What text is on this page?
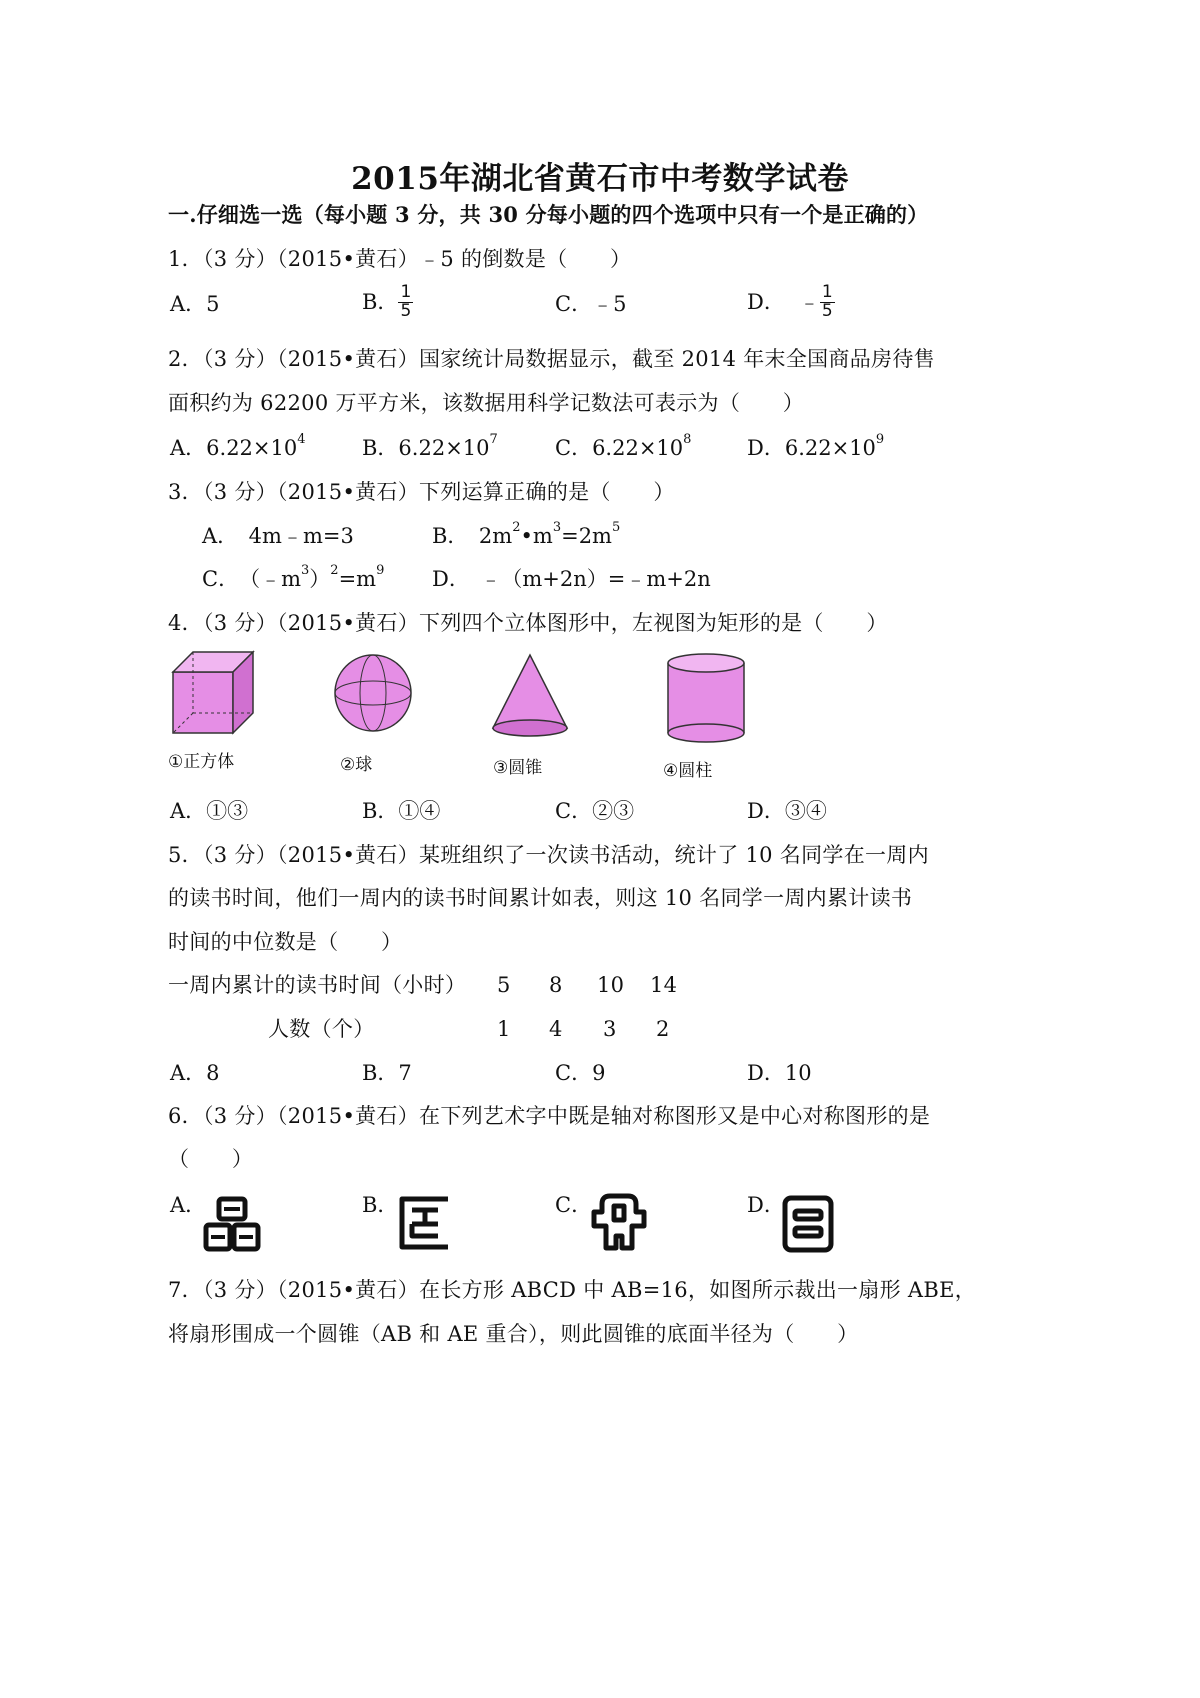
2015年湖北省黄石市中考数学试卷
一.仔细选一选（每小题 3 分，共 30 分每小题的四个选项中只有一个是正确的）
1．（3 分）（2015•黄石）﹣5 的倒数是（　　）
A．5	B． $\frac{1}{5}$	C．﹣5	D． ﹣ $\frac{1}{5}$
2．（3 分）（2015•黄石）国家统计局数据显示，截至 2014 年末全国商品房待售
面积约为 62200 万平方米，该数据用科学记数法可表示为（　　）
A．$6.22\times 10^4$	B．$6.22\times 10^7$	C．$6.22\times 10^8$	D．$6.22\times 10^9$
3．（3 分）（2015•黄石）下列运算正确的是（　　）
A．　4m﹣m=3	B．　$2m^2•m^3=2m^5$
C．　$(﹣m^3)^2=m^9$ D．　﹣（m+2n）=﹣m+2n
4．（3 分）（2015•黄石）下列四个立体图形中，左视图为矩形的是（　　）
①正方体	②球	③圆锥	④圆柱
A．①③	B．①④	C．②③	D．③④
5．（3 分）（2015•黄石）某班组织了一次读书活动，统计了 10 名同学在一周内
的读书时间，他们一周内的读书时间累计如表，则这 10 名同学一周内累计读书
时间的中位数是（　　）
一周内累计的读书时间（小时） 5 8 10 14
人数（个）	1 4 3 2
A．8	B．7	C．9	D．10
6．（3 分）（2015•黄石）在下列艺术字中既是轴对称图形又是中心对称图形的是
（　　）
A．	B．	C．	D．
7．（3 分）（2015•黄石）在长方形 ABCD 中 AB=16，如图所示裁出一扇形 ABE，
将扇形围成一个圆锥（AB 和 AE 重合），则此圆锥的底面半径为（　　）
